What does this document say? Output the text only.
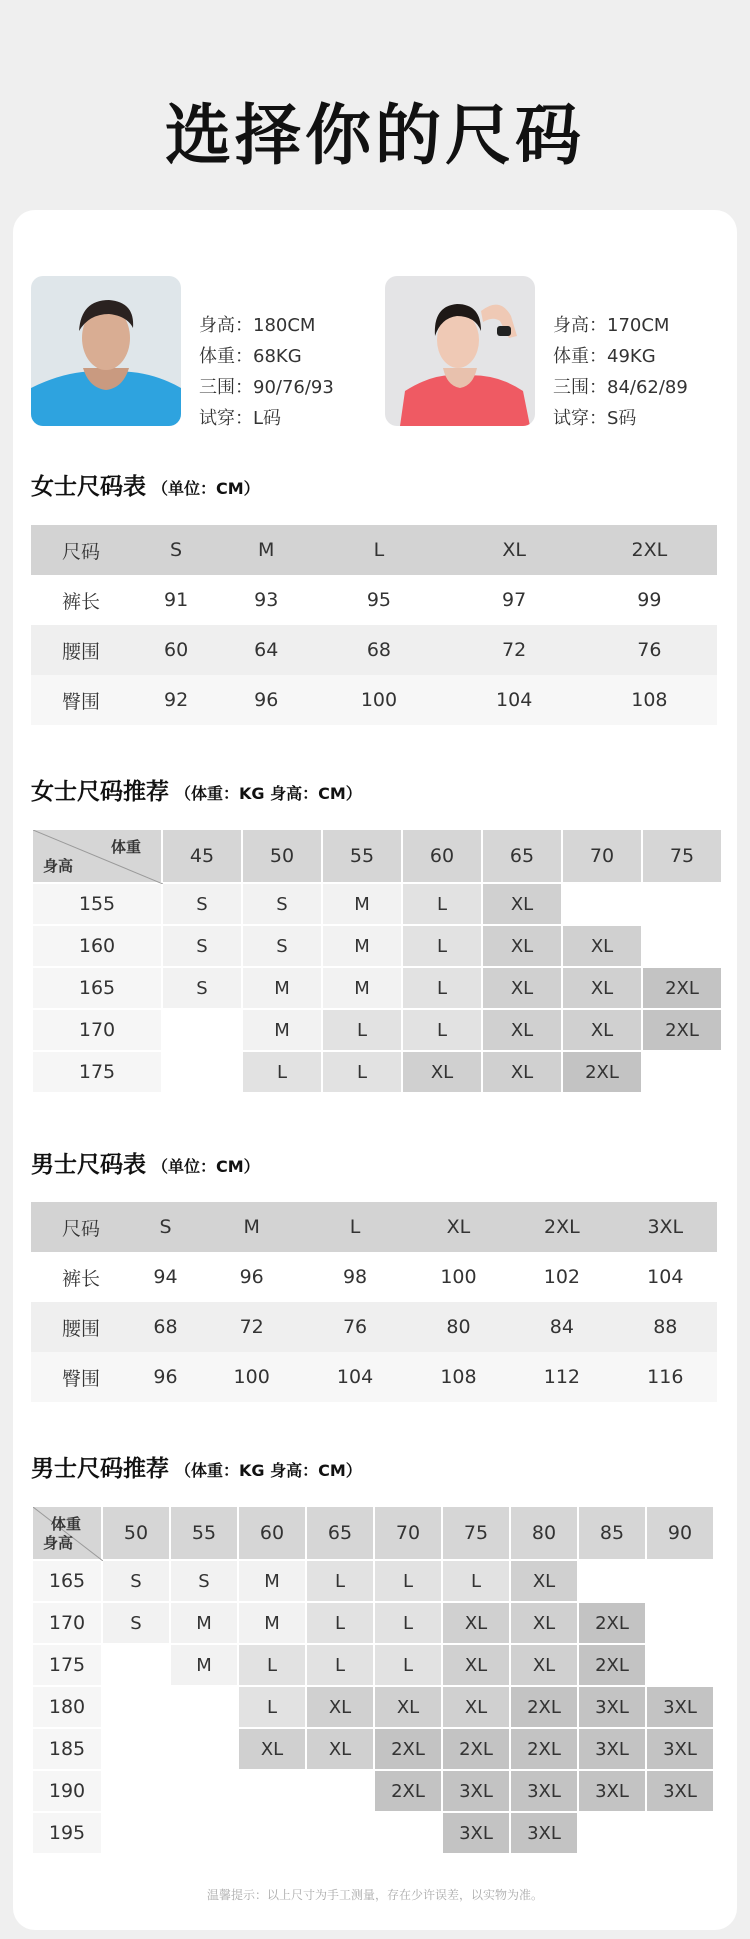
选择你的尺码
身高：180CM
体重：68KG
三围：90/76/93
试穿：L码
身高：170CM
体重：49KG
三围：84/62/89
试穿：S码
女士尺码表 （单位：CM）
尺码	S	M	L	XL	2XL
裤长	91	93	95	97	99
腰围	60	64	68	72	76
臀围	92	96	100	104	108
女士尺码推荐 （体重：KG 身高：CM）
体重
身高	45	50	55	60	65	70	75
155	S	S	M	L	XL		
160	S	S	M	L	XL	XL	
165	S	M	M	L	XL	XL	2XL
170		M	L	L	XL	XL	2XL
175		L	L	XL	XL	2XL	
男士尺码表 （单位：CM）
尺码	S	M	L	XL	2XL	3XL
裤长	94	96	98	100	102	104
腰围	68	72	76	80	84	88
臀围	96	100	104	108	112	116
男士尺码推荐 （体重：KG 身高：CM）
体重
身高	50	55	60	65	70	75	80	85	90
165	S	S	M	L	L	L	XL		
170	S	M	M	L	L	XL	XL	2XL	
175		M	L	L	L	XL	XL	2XL	
180			L	XL	XL	XL	2XL	3XL	3XL
185			XL	XL	2XL	2XL	2XL	3XL	3XL
190					2XL	3XL	3XL	3XL	3XL
195						3XL	3XL		
温馨提示：以上尺寸为手工测量，存在少许误差，以实物为准。
